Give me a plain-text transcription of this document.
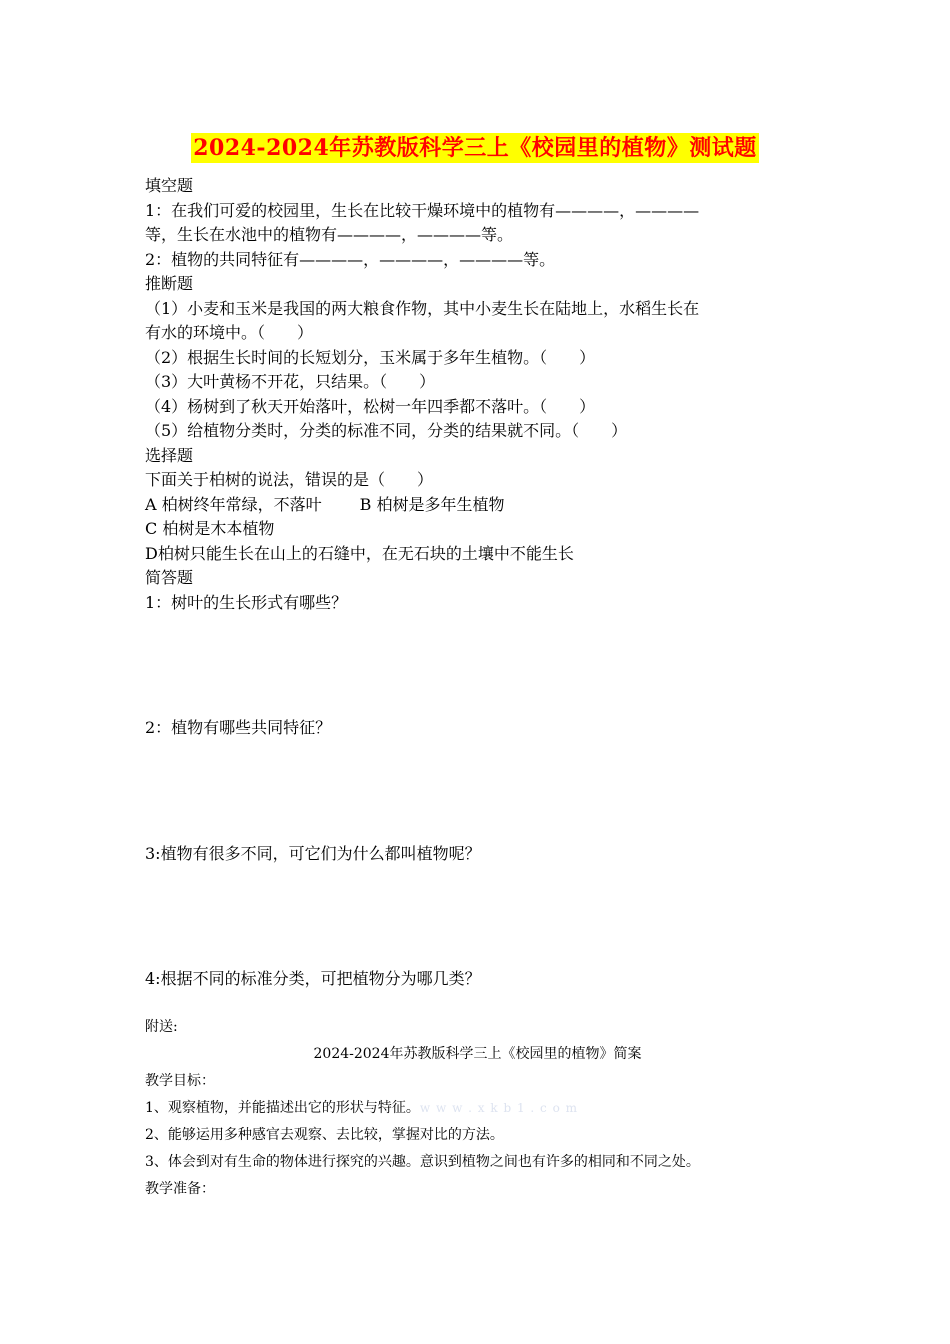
2024-2024年苏教版科学三上《校园里的植物》测试题
填空题
1：在我们可爱的校园里，生长在比较干燥环境中的植物有————，————
等，生长在水池中的植物有————，————等。
2：植物的共同特征有————，————，————等。
推断题
（1）小麦和玉米是我国的两大粮食作物，其中小麦生长在陆地上，水稻生长在
有水的环境中。（　　）
（2）根据生长时间的长短划分，玉米属于多年生植物。（　　）
（3）大叶黄杨不开花，只结果。（　　）
（4）杨树到了秋天开始落叶，松树一年四季都不落叶。（　　）
（5）给植物分类时，分类的标准不同，分类的结果就不同。（　　）
选择题
下面关于柏树的说法，错误的是（　　）
A 柏树终年常绿，不落叶 B 柏树是多年生植物
C 柏树是木本植物
D柏树只能生长在山上的石缝中，在无石块的土壤中不能生长
简答题
1：树叶的生长形式有哪些？
2：植物有哪些共同特征？
3:植物有很多不同，可它们为什么都叫植物呢？
4:根据不同的标准分类，可把植物分为哪几类？
附送:
2024-2024年苏教版科学三上《校园里的植物》简案
教学目标：
1、观察植物，并能描述出它的形状与特征。w w w . x k b 1 . c o m
2、能够运用多种感官去观察、去比较，掌握对比的方法。
3、体会到对有生命的物体进行探究的兴趣。意识到植物之间也有许多的相同和不同之处。
教学准备：
